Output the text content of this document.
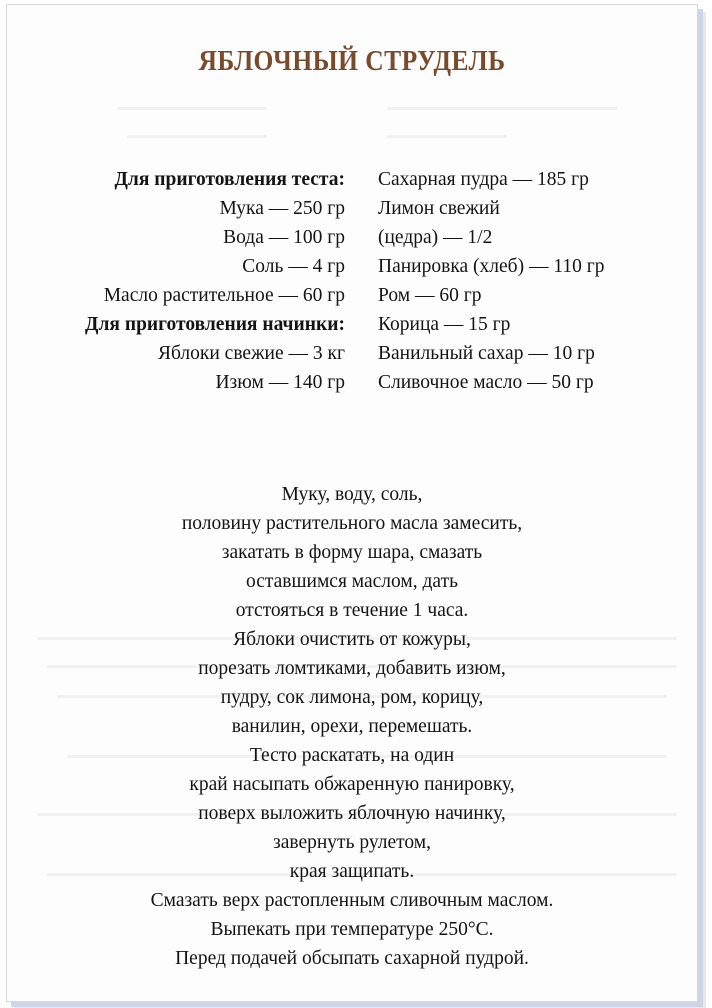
ЯБЛОЧНЫЙ СТРУДЕЛЬ
Для приготовления теста:
Мука — 250 гр
Вода — 100 гр
Соль — 4 гр
Масло растительное — 60 гр
Для приготовления начинки:
Яблоки свежие — 3 кг
Изюм — 140 гр
Сахарная пудра — 185 гр
Лимон свежий
(цедра) — 1/2
Панировка (хлеб) — 110 гр
Ром — 60 гр
Корица — 15 гр
Ванильный сахар — 10 гр
Сливочное масло — 50 гр
Муку, воду, соль,
половину растительного масла замесить,
закатать в форму шара, смазать
оставшимся маслом, дать
отстояться в течение 1 часа.
Яблоки очистить от кожуры,
порезать ломтиками, добавить изюм,
пудру, сок лимона, ром, корицу,
ванилин, орехи, перемешать.
Тесто раскатать, на один
край насыпать обжаренную панировку,
поверх выложить яблочную начинку,
завернуть рулетом,
края защипать.
Смазать верх растопленным сливочным маслом.
Выпекать при температуре 250°С.
Перед подачей обсыпать сахарной пудрой.
